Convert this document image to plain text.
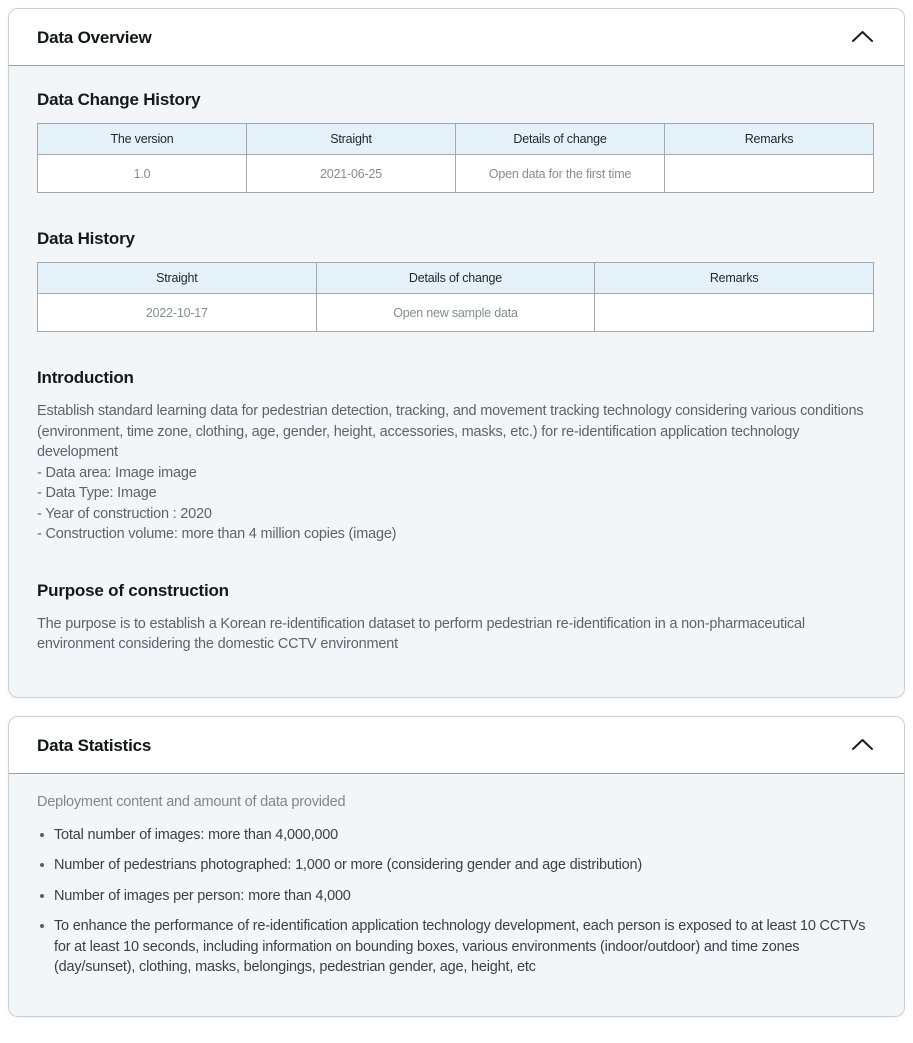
Data Overview
Data Change History
The version	Straight	Details of change	Remarks
1.0	2021-06-25	Open data for the first time	
Data History
Straight	Details of change	Remarks
2022-10-17	Open new sample data	
Introduction

Establish standard learning data for pedestrian detection, tracking, and movement tracking technology considering various conditions (environment, time zone, clothing, age, gender, height, accessories, masks, etc.) for re-identification application technology development

- Data area: Image image
- Data Type: Image
- Year of construction : 2020
- Construction volume: more than 4 million copies (image)
Purpose of construction

The purpose is to establish a Korean re-identification dataset to perform pedestrian re-identification in a non-pharmaceutical environment considering the domestic CCTV environment

Data Statistics
Deployment content and amount of data provided
Total number of images: more than 4,000,000
Number of pedestrians photographed: 1,000 or more (considering gender and age distribution)
Number of images per person: more than 4,000
To enhance the performance of re-identification application technology development, each person is exposed to at least 10 CCTVs for at least 10 seconds, including information on bounding boxes, various environments (indoor/outdoor) and time zones (day/sunset), clothing, masks, belongings, pedestrian gender, age, height, etc
